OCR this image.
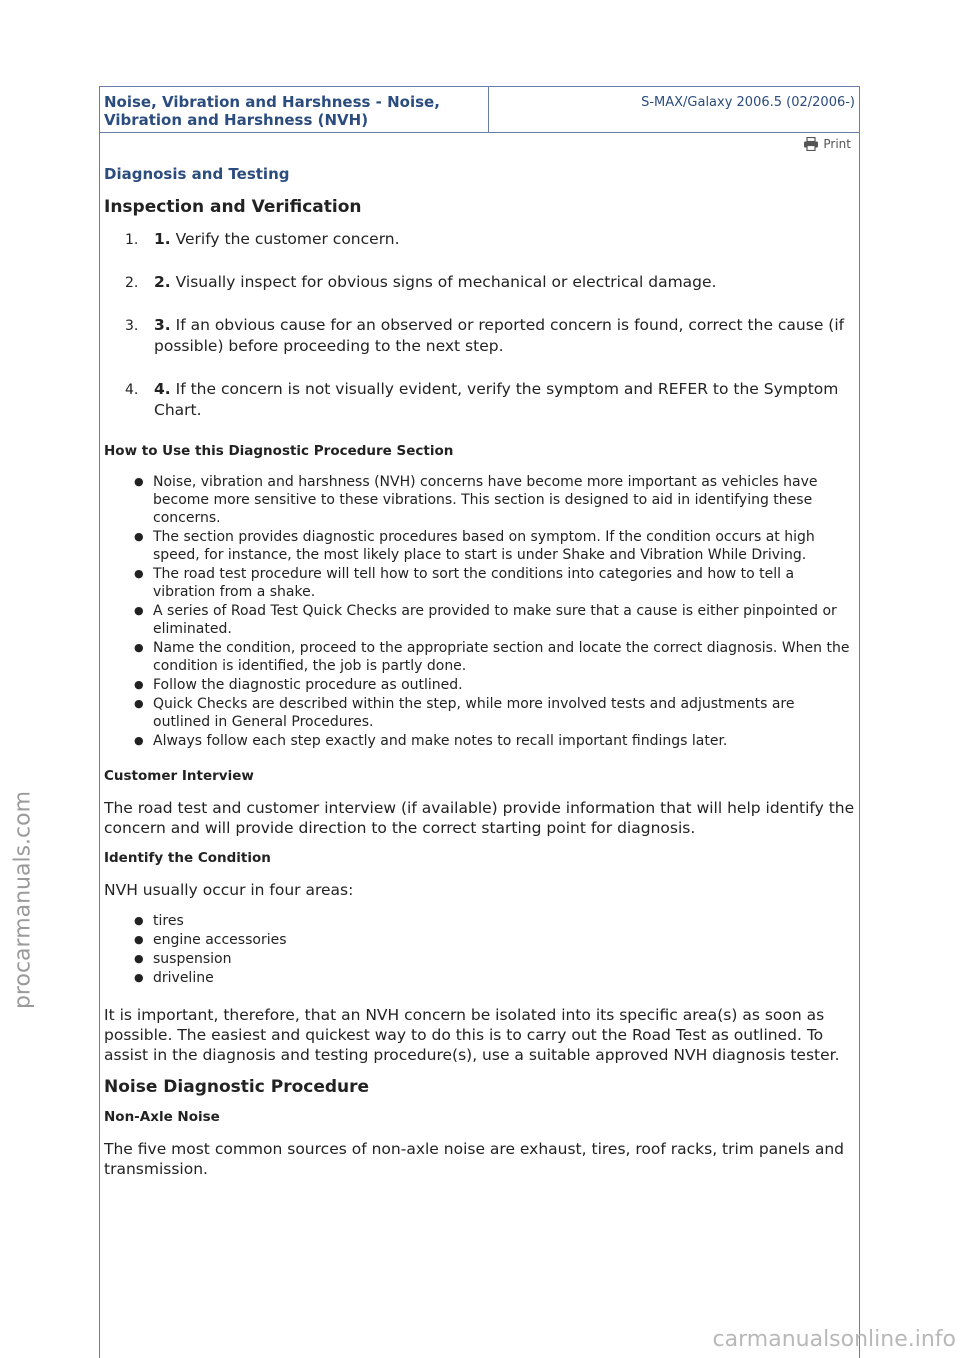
procarmanuals.com
Noise, Vibration and Harshness - Noise, Vibration and Harshness (NVH)
S-MAX/Galaxy 2006.5 (02/2006-)
Print
Diagnosis and Testing
Inspection and Verification
1. 1. Verify the customer concern.
2. 2. Visually inspect for obvious signs of mechanical or electrical damage.
3. 3. If an obvious cause for an observed or reported concern is found, correct the cause (if possible) before proceeding to the next step.
4. 4. If the concern is not visually evident, verify the symptom and REFER to the Symptom Chart.
How to Use this Diagnostic Procedure Section
● Noise, vibration and harshness (NVH) concerns have become more important as vehicles have become more sensitive to these vibrations. This section is designed to aid in identifying these concerns.
● The section provides diagnostic procedures based on symptom. If the condition occurs at high speed, for instance, the most likely place to start is under Shake and Vibration While Driving.
● The road test procedure will tell how to sort the conditions into categories and how to tell a vibration from a shake.
● A series of Road Test Quick Checks are provided to make sure that a cause is either pinpointed or eliminated.
● Name the condition, proceed to the appropriate section and locate the correct diagnosis. When the condition is identified, the job is partly done.
● Follow the diagnostic procedure as outlined.
● Quick Checks are described within the step, while more involved tests and adjustments are outlined in General Procedures.
● Always follow each step exactly and make notes to recall important findings later.
Customer Interview

The road test and customer interview (if available) provide information that will help identify the concern and will provide direction to the correct starting point for diagnosis.

Identify the Condition

NVH usually occur in four areas:

● tires
● engine accessories
● suspension
● driveline

It is important, therefore, that an NVH concern be isolated into its specific area(s) as soon as possible. The easiest and quickest way to do this is to carry out the Road Test as outlined. To assist in the diagnosis and testing procedure(s), use a suitable approved NVH diagnosis tester.

Noise Diagnostic Procedure
Non-Axle Noise

The five most common sources of non-axle noise are exhaust, tires, roof racks, trim panels and transmission.

carmanualsonline.info
